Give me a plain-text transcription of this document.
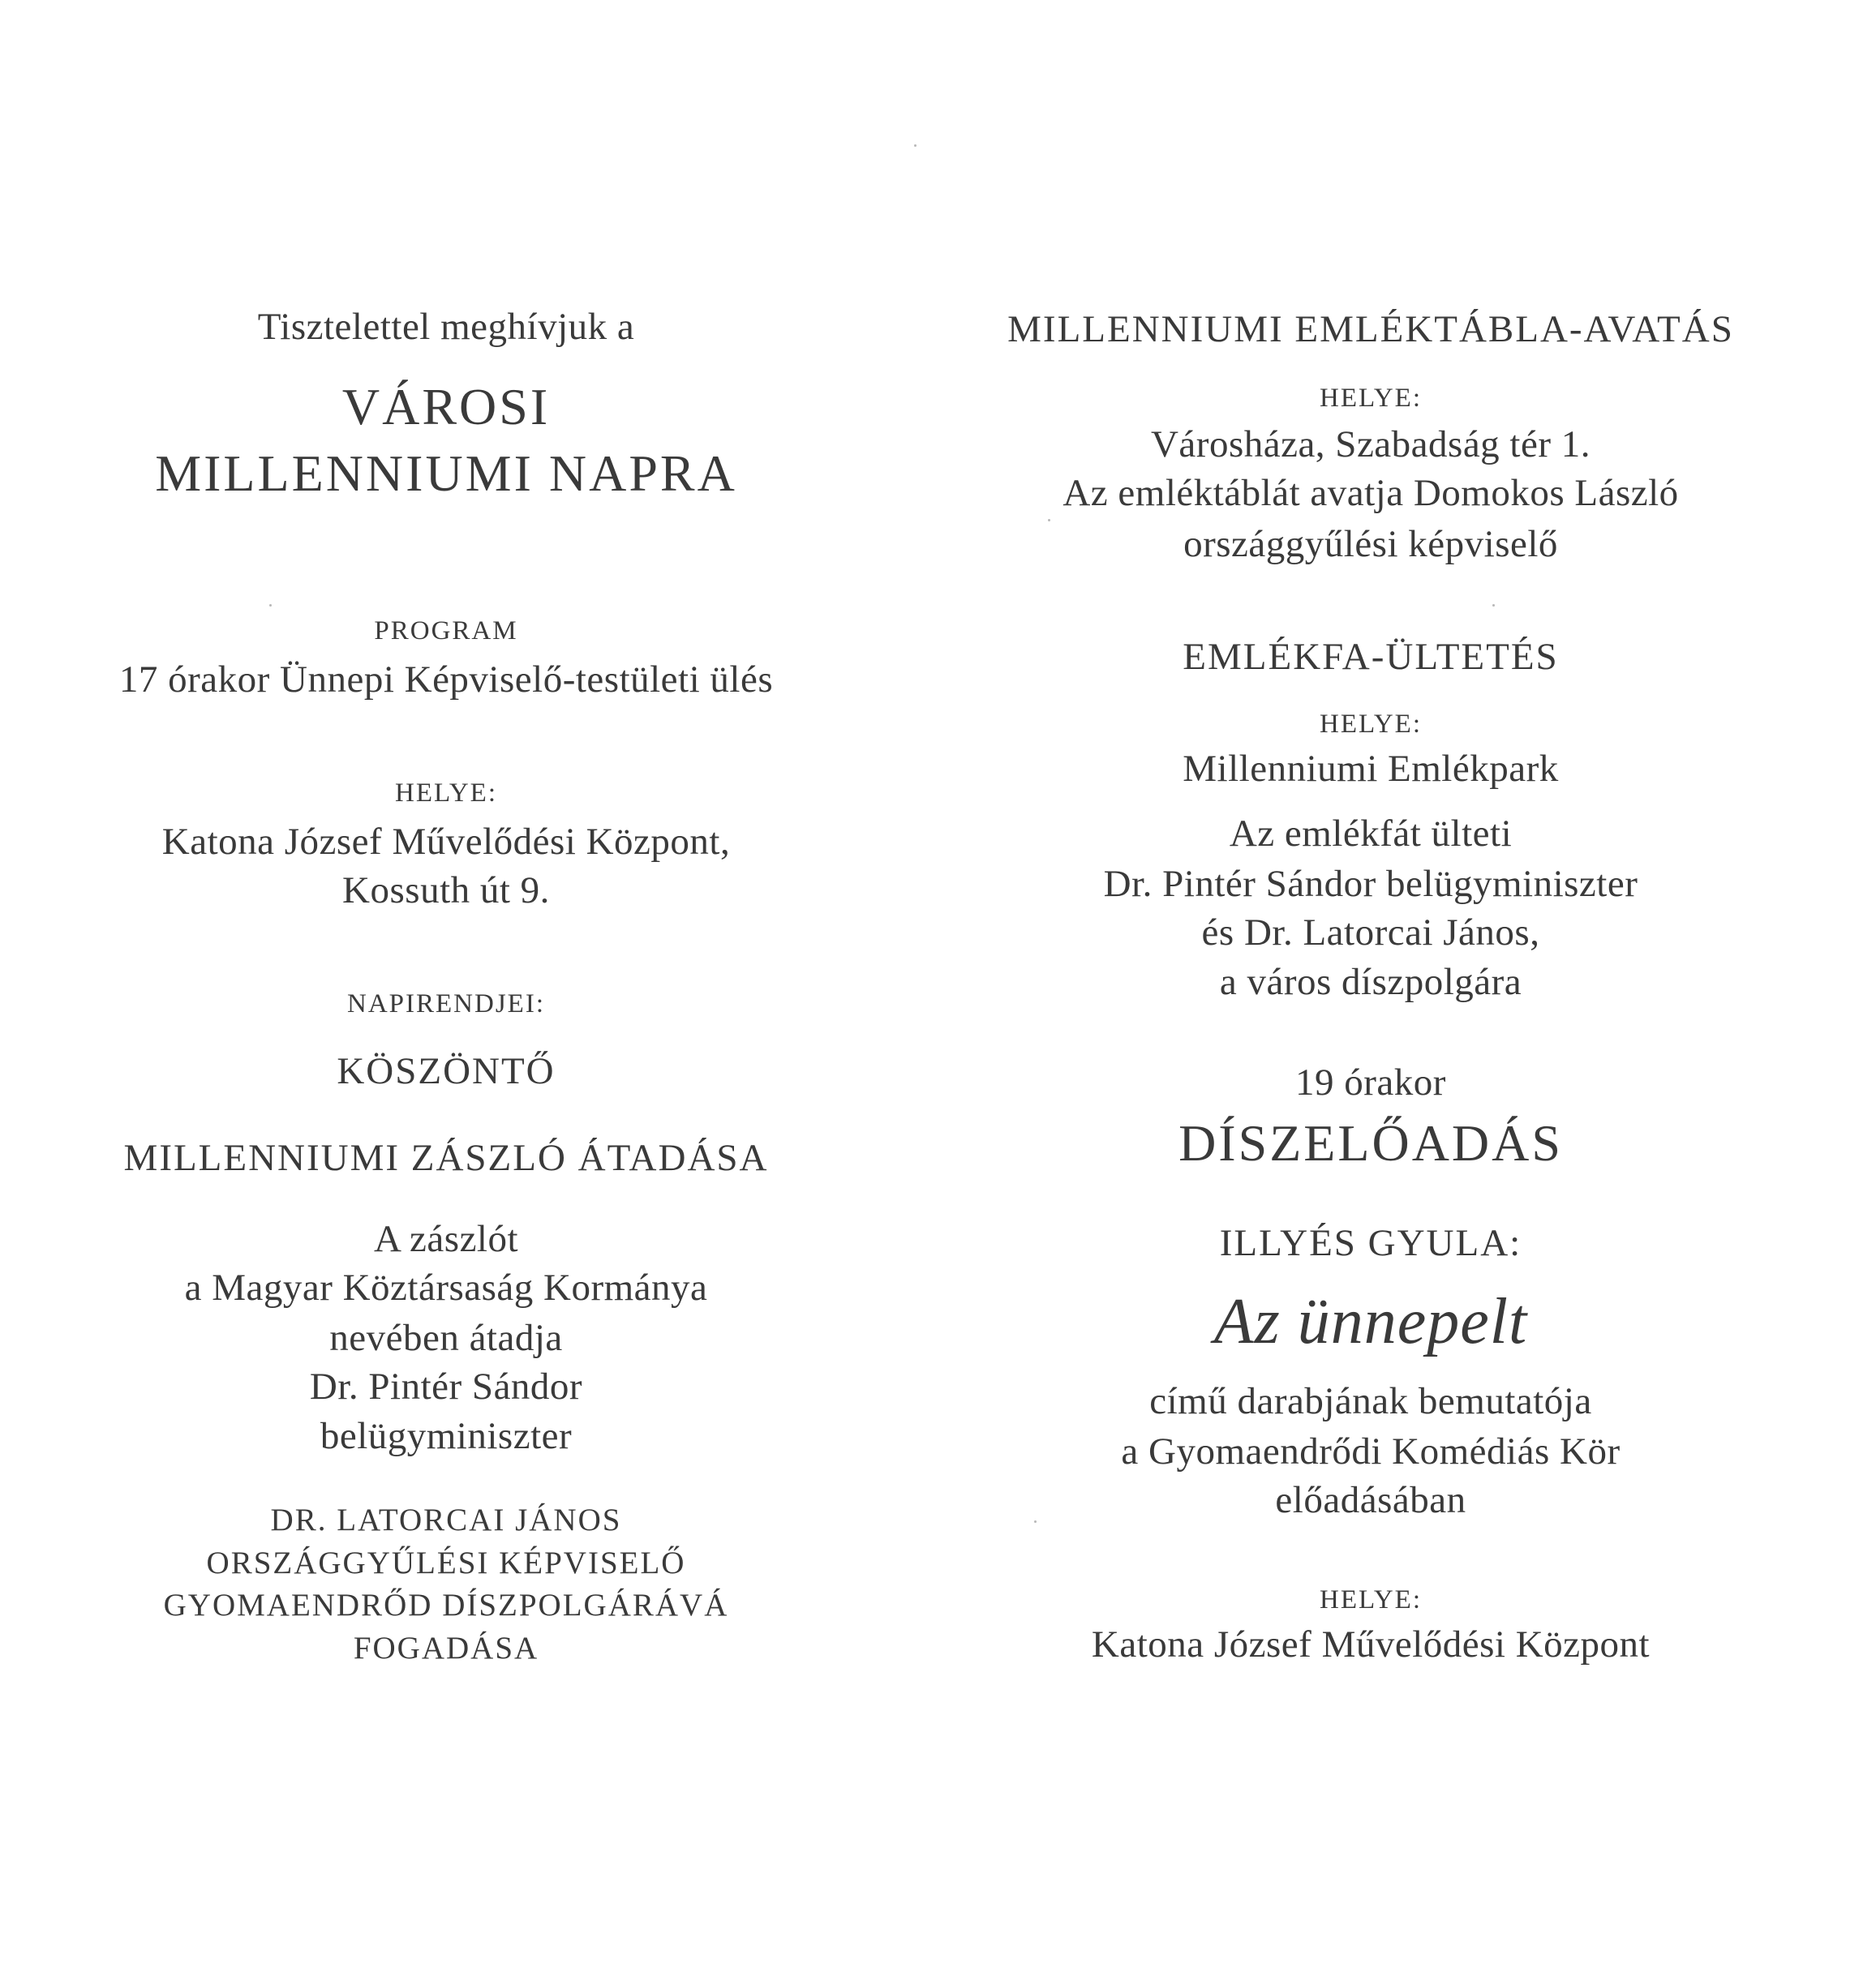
Tisztelettel meghívjuk a
VÁROSI
MILLENNIUMI NAPRA
PROGRAM
17 órakor Ünnepi Képviselő-testületi ülés
HELYE:
Katona József Művelődési Központ,
Kossuth út 9.
NAPIRENDJEI:
KÖSZÖNTŐ
MILLENNIUMI ZÁSZLÓ ÁTADÁSA
A zászlót
a Magyar Köztársaság Kormánya
nevében átadja
Dr. Pintér Sándor
belügyminiszter
DR. LATORCAI JÁNOS
ORSZÁGGYŰLÉSI KÉPVISELŐ
GYOMAENDRŐD DÍSZPOLGÁRÁVÁ
FOGADÁSA
MILLENNIUMI EMLÉKTÁBLA-AVATÁS
HELYE:
Városháza, Szabadság tér 1.
Az emléktáblát avatja Domokos László
országgyűlési képviselő
EMLÉKFA-ÜLTETÉS
HELYE:
Millenniumi Emlékpark
Az emlékfát ülteti
Dr. Pintér Sándor belügyminiszter
és Dr. Latorcai János,
a város díszpolgára
19 órakor
DÍSZELŐADÁS
ILLYÉS GYULA:
Az ünnepelt
című darabjának bemutatója
a Gyomaendrődi Komédiás Kör
előadásában
HELYE:
Katona József Művelődési Központ
